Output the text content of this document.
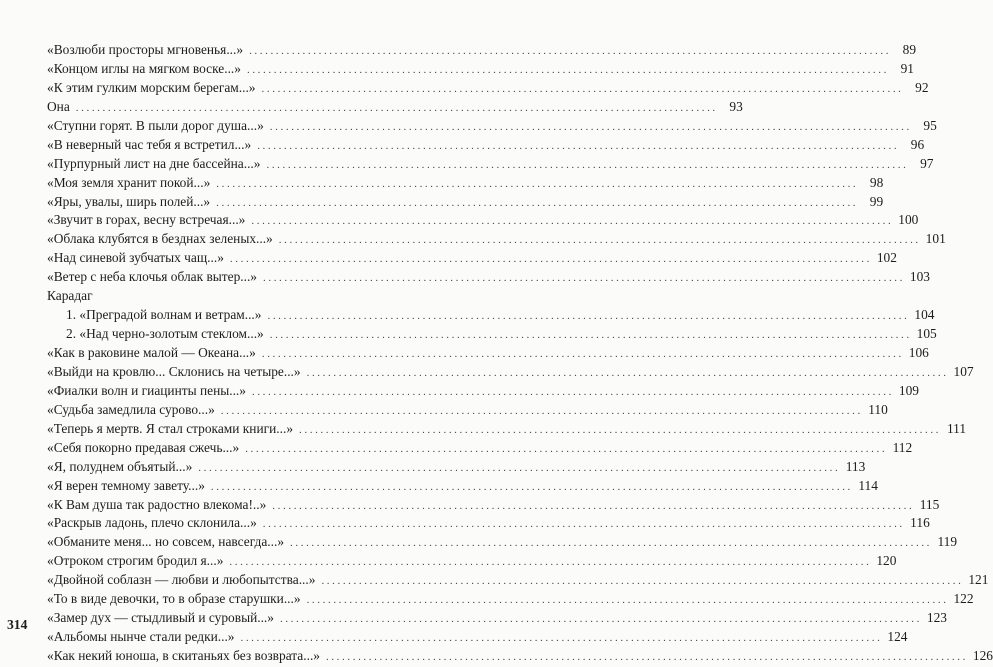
«Возлюби просторы мгновенья...» ........................................................................................................................ 89
«Концом иглы на мягком воске...» ........................................................................................................................ 91
«К этим гулким морским берегам...» ........................................................................................................................ 92
Она ........................................................................................................................ 93
«Ступни горят. В пыли дорог душа...» ........................................................................................................................ 95
«В неверный час тебя я встретил...» ........................................................................................................................ 96
«Пурпурный лист на дне бассейна...» ........................................................................................................................ 97
«Моя земля хранит покой...» ........................................................................................................................ 98
«Яры, увалы, ширь полей...» ........................................................................................................................ 99
«Звучит в горах, весну встречая...» ........................................................................................................................ 100
«Облака клубятся в безднах зеленых...» ........................................................................................................................ 101
«Над синевой зубчатых чащ...» ........................................................................................................................ 102
«Ветер с неба клочья облак вытер...» ........................................................................................................................ 103
Карадаг
1. «Преградой волнам и ветрам...» ........................................................................................................................ 104
2. «Над черно-золотым стеклом...» ........................................................................................................................ 105
«Как в раковине малой — Океана...» ........................................................................................................................ 106
«Выйди на кровлю... Склонись на четыре...» ........................................................................................................................ 107
«Фиалки волн и гиацинты пены...» ........................................................................................................................ 109
«Судьба замедлила сурово...» ........................................................................................................................ 110
«Теперь я мертв. Я стал строками книги...» ........................................................................................................................ 111
«Себя покорно предавая сжечь...» ........................................................................................................................ 112
«Я, полуднем объятый...» ........................................................................................................................ 113
«Я верен темному завету...» ........................................................................................................................ 114
«К Вам душа так радостно влекома!..» ........................................................................................................................ 115
«Раскрыв ладонь, плечо склонила...» ........................................................................................................................ 116
«Обманите меня... но совсем, навсегда...» ........................................................................................................................ 119
«Отроком строгим бродил я...» ........................................................................................................................ 120
«Двойной соблазн — любви и любопытства...» ........................................................................................................................ 121
«То в виде девочки, то в образе старушки...» ........................................................................................................................ 122
«Замер дух — стыдливый и суровый...» ........................................................................................................................ 123
«Альбомы нынче стали редки...» ........................................................................................................................ 124
«Как некий юноша, в скитаньях без возврата...» ........................................................................................................................ 126
314
